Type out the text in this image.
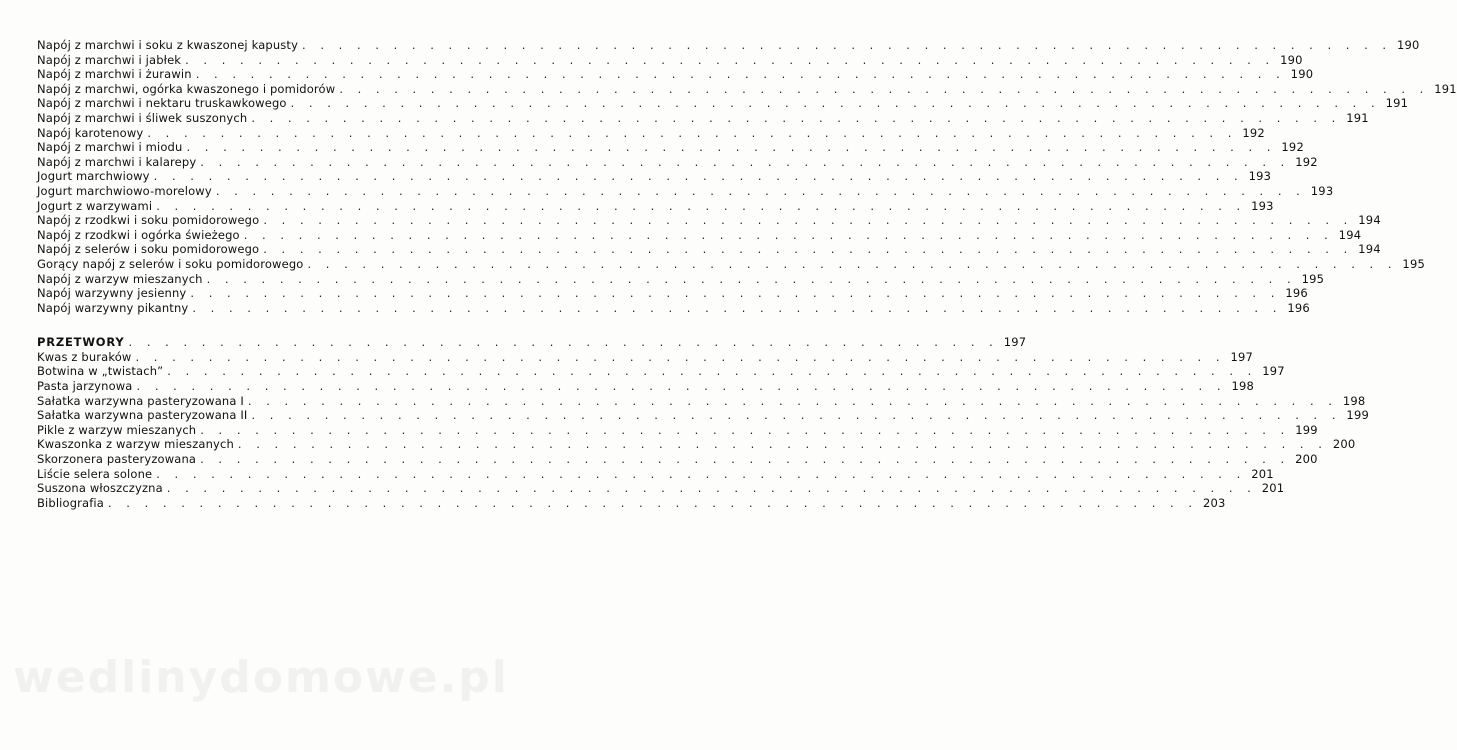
Napój z marchwi i soku z kwaszonej kapusty . . . . . . . . . . . . . . . . . . . . . . . . . . . . . . . . . . . . . . . . . . . . . . . . . . . . . . . . . . . . 190
Napój z marchwi i jabłek . . . . . . . . . . . . . . . . . . . . . . . . . . . . . . . . . . . . . . . . . . . . . . . . . . . . . . . . . . . . 190
Napój z marchwi i żurawin . . . . . . . . . . . . . . . . . . . . . . . . . . . . . . . . . . . . . . . . . . . . . . . . . . . . . . . . . . . . 190
Napój z marchwi, ogórka kwaszonego i pomidorów . . . . . . . . . . . . . . . . . . . . . . . . . . . . . . . . . . . . . . . . . . . . . . . . . . . . . . . . . . . . 191
Napój z marchwi i nektaru truskawkowego . . . . . . . . . . . . . . . . . . . . . . . . . . . . . . . . . . . . . . . . . . . . . . . . . . . . . . . . . . . . 191
Napój z marchwi i śliwek suszonych . . . . . . . . . . . . . . . . . . . . . . . . . . . . . . . . . . . . . . . . . . . . . . . . . . . . . . . . . . . . 191
Napój karotenowy . . . . . . . . . . . . . . . . . . . . . . . . . . . . . . . . . . . . . . . . . . . . . . . . . . . . . . . . . . . . 192
Napój z marchwi i miodu . . . . . . . . . . . . . . . . . . . . . . . . . . . . . . . . . . . . . . . . . . . . . . . . . . . . . . . . . . . . 192
Napój z marchwi i kalarepy . . . . . . . . . . . . . . . . . . . . . . . . . . . . . . . . . . . . . . . . . . . . . . . . . . . . . . . . . . . . 192
Jogurt marchwiowy . . . . . . . . . . . . . . . . . . . . . . . . . . . . . . . . . . . . . . . . . . . . . . . . . . . . . . . . . . . . 193
Jogurt marchwiowo-morelowy . . . . . . . . . . . . . . . . . . . . . . . . . . . . . . . . . . . . . . . . . . . . . . . . . . . . . . . . . . . . 193
Jogurt z warzywami . . . . . . . . . . . . . . . . . . . . . . . . . . . . . . . . . . . . . . . . . . . . . . . . . . . . . . . . . . . . 193
Napój z rzodkwi i soku pomidorowego . . . . . . . . . . . . . . . . . . . . . . . . . . . . . . . . . . . . . . . . . . . . . . . . . . . . . . . . . . . . 194
Napój z rzodkwi i ogórka świeżego . . . . . . . . . . . . . . . . . . . . . . . . . . . . . . . . . . . . . . . . . . . . . . . . . . . . . . . . . . . . 194
Napój z selerów i soku pomidorowego . . . . . . . . . . . . . . . . . . . . . . . . . . . . . . . . . . . . . . . . . . . . . . . . . . . . . . . . . . . . 194
Gorący napój z selerów i soku pomidorowego . . . . . . . . . . . . . . . . . . . . . . . . . . . . . . . . . . . . . . . . . . . . . . . . . . . . . . . . . . . . 195
Napój z warzyw mieszanych . . . . . . . . . . . . . . . . . . . . . . . . . . . . . . . . . . . . . . . . . . . . . . . . . . . . . . . . . . . . 195
Napój warzywny jesienny . . . . . . . . . . . . . . . . . . . . . . . . . . . . . . . . . . . . . . . . . . . . . . . . . . . . . . . . . . . . 196
Napój warzywny pikantny . . . . . . . . . . . . . . . . . . . . . . . . . . . . . . . . . . . . . . . . . . . . . . . . . . . . . . . . . . . . 196
PRZETWORY . . . . . . . . . . . . . . . . . . . . . . . . . . . . . . . . . . . . . . . . . . . . . . . . 197
Kwas z buraków . . . . . . . . . . . . . . . . . . . . . . . . . . . . . . . . . . . . . . . . . . . . . . . . . . . . . . . . . . . . 197
Botwina w „twistach” . . . . . . . . . . . . . . . . . . . . . . . . . . . . . . . . . . . . . . . . . . . . . . . . . . . . . . . . . . . . 197
Pasta jarzynowa . . . . . . . . . . . . . . . . . . . . . . . . . . . . . . . . . . . . . . . . . . . . . . . . . . . . . . . . . . . . 198
Sałatka warzywna pasteryzowana I . . . . . . . . . . . . . . . . . . . . . . . . . . . . . . . . . . . . . . . . . . . . . . . . . . . . . . . . . . . . 198
Sałatka warzywna pasteryzowana II . . . . . . . . . . . . . . . . . . . . . . . . . . . . . . . . . . . . . . . . . . . . . . . . . . . . . . . . . . . . 199
Pikle z warzyw mieszanych . . . . . . . . . . . . . . . . . . . . . . . . . . . . . . . . . . . . . . . . . . . . . . . . . . . . . . . . . . . . 199
Kwaszonka z warzyw mieszanych . . . . . . . . . . . . . . . . . . . . . . . . . . . . . . . . . . . . . . . . . . . . . . . . . . . . . . . . . . . . 200
Skorzonera pasteryzowana . . . . . . . . . . . . . . . . . . . . . . . . . . . . . . . . . . . . . . . . . . . . . . . . . . . . . . . . . . . . 200
Liście selera solone . . . . . . . . . . . . . . . . . . . . . . . . . . . . . . . . . . . . . . . . . . . . . . . . . . . . . . . . . . . . 201
Suszona włoszczyzna . . . . . . . . . . . . . . . . . . . . . . . . . . . . . . . . . . . . . . . . . . . . . . . . . . . . . . . . . . . . 201
Bibliografia . . . . . . . . . . . . . . . . . . . . . . . . . . . . . . . . . . . . . . . . . . . . . . . . . . . . . . . . . . . . 203
wedlinydomowe.pl
